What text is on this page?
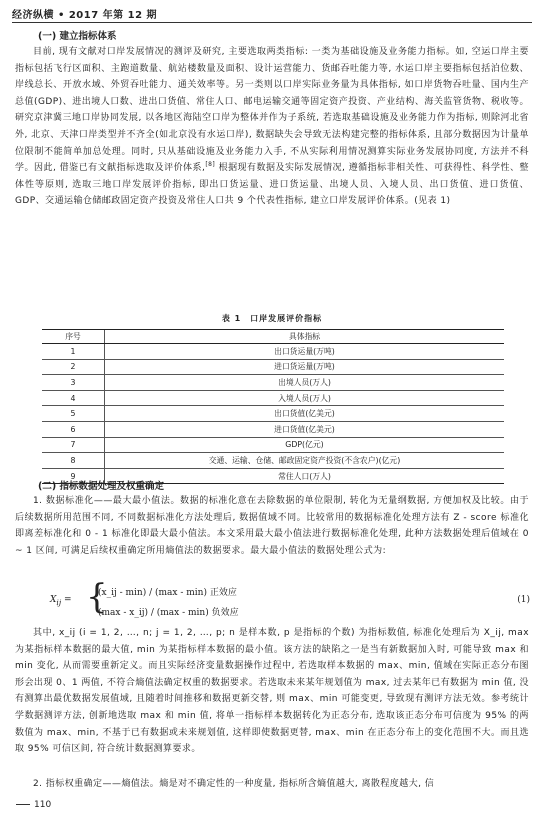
经济纵横 • 2017 年第 12 期
(一) 建立指标体系
目前, 现有文献对口岸发展情况的测评及研究, 主要选取两类指标: 一类为基础设施及业务能力指标。如, 空运口岸主要指标包括飞行区面积、主跑道数量、航站楼数量及面积、设计运营能力、货邮吞吐能力等, 水运口岸主要指标包括泊位数、岸线总长、开放水域、外贸吞吐能力、通关效率等。另一类则以口岸实际业务量为具体指标, 如口岸货物吞吐量、国内生产总值(GDP)、进出境人口数、进出口货值、常住人口、邮电运输交通等固定资产投资、产业结构、海关监管货物、税收等。研究京津冀三地口岸协同发展, 以各地区海陆空口岸为整体并作为子系统, 若选取基础设施及业务能力作为指标, 则除河北省外, 北京、天津口岸类型并不齐全(如北京没有水运口岸), 数据缺失会导致无法构建完整的指标体系, 且部分数据因为计量单位限制不能简单加总处理。同时, 只从基础设施及业务能力入手, 不从实际利用情况测算实际业务发展协同度, 方法并不科学。因此, 借鉴已有文献指标选取及评价体系,[8] 根据现有数据及实际发展情况, 遵循指标非相关性、可获得性、科学性、整体性等原则, 选取三地口岸发展评价指标, 即出口货运量、进口货运量、出境人员、入境人员、出口货值、进口货值、GDP、交通运输仓储邮政固定资产投资及常住人口共 9 个代表性指标, 建立口岸发展评价体系。(见表 1)
表 1　口岸发展评价指标
序号	具体指标
1	出口货运量(万吨)
2	进口货运量(万吨)
3	出境人员(万人)
4	入境人员(万人)
5	出口货值(亿美元)
6	进口货值(亿美元)
7	GDP(亿元)
8	交通、运输、仓储、邮政固定资产投资(不含农户)(亿元)
9	常住人口(万人)
(二) 指标数据处理及权重确定
1. 数据标准化——最大最小值法。数据的标准化意在去除数据的单位限制, 转化为无量纲数据, 方便加权及比较。由于后续数据所用范围不同, 不同数据标准化方法处理后, 数据值域不同。比较常用的数据标准化处理方法有 Z - score 标准化即离差标准化和 0 - 1 标准化即最大最小值法。本文采用最大最小值法进行数据标准化处理, 此种方法数据处理后值域在 0 ~ 1 区间, 可满足后续权重确定所用熵值法的数据要求。最大最小值法的数据处理公式为:
$X_{ij}$ = {
(x_ij - min) / (max - min) 正效应
(max - x_ij) / (max - min) 负效应
(1)
其中, x_ij (i = 1, 2, …, n; j = 1, 2, …, p; n 是样本数, p 是指标的个数) 为指标数值, 标准化处理后为 X_ij, max 为某指标样本数据的最大值, min 为某指标样本数据的最小值。该方法的缺陷之一是当有新数据加入时, 可能导致 max 和 min 变化, 从而需要重新定义。而且实际经济变量数据操作过程中, 若选取样本数据的 max、min, 值域在实际正态分布图形会出现 0、1 两值, 不符合熵值法确定权重的数据要求。若选取未来某年规划值为 max, 过去某年已有数据为 min 值, 没有测算出最优数据发展值域, 且随着时间推移和数据更新交替, 则 max、min 可能变更, 导致现有测评方法无效。参考统计学数据测评方法, 创新地选取 max 和 min 值, 将单一指标样本数据转化为正态分布, 选取该正态分布可信度为 95% 的两数值为 max、min, 不基于已有数据或未来规划值, 这样即使数据更替, max、min 在正态分布上的变化范围不大。而且选取 95% 可信区间, 符合统计数据测算要求。
2. 指标权重确定——熵值法。熵是对不确定性的一种度量, 指标所含熵值越大, 离散程度越大, 信
110
